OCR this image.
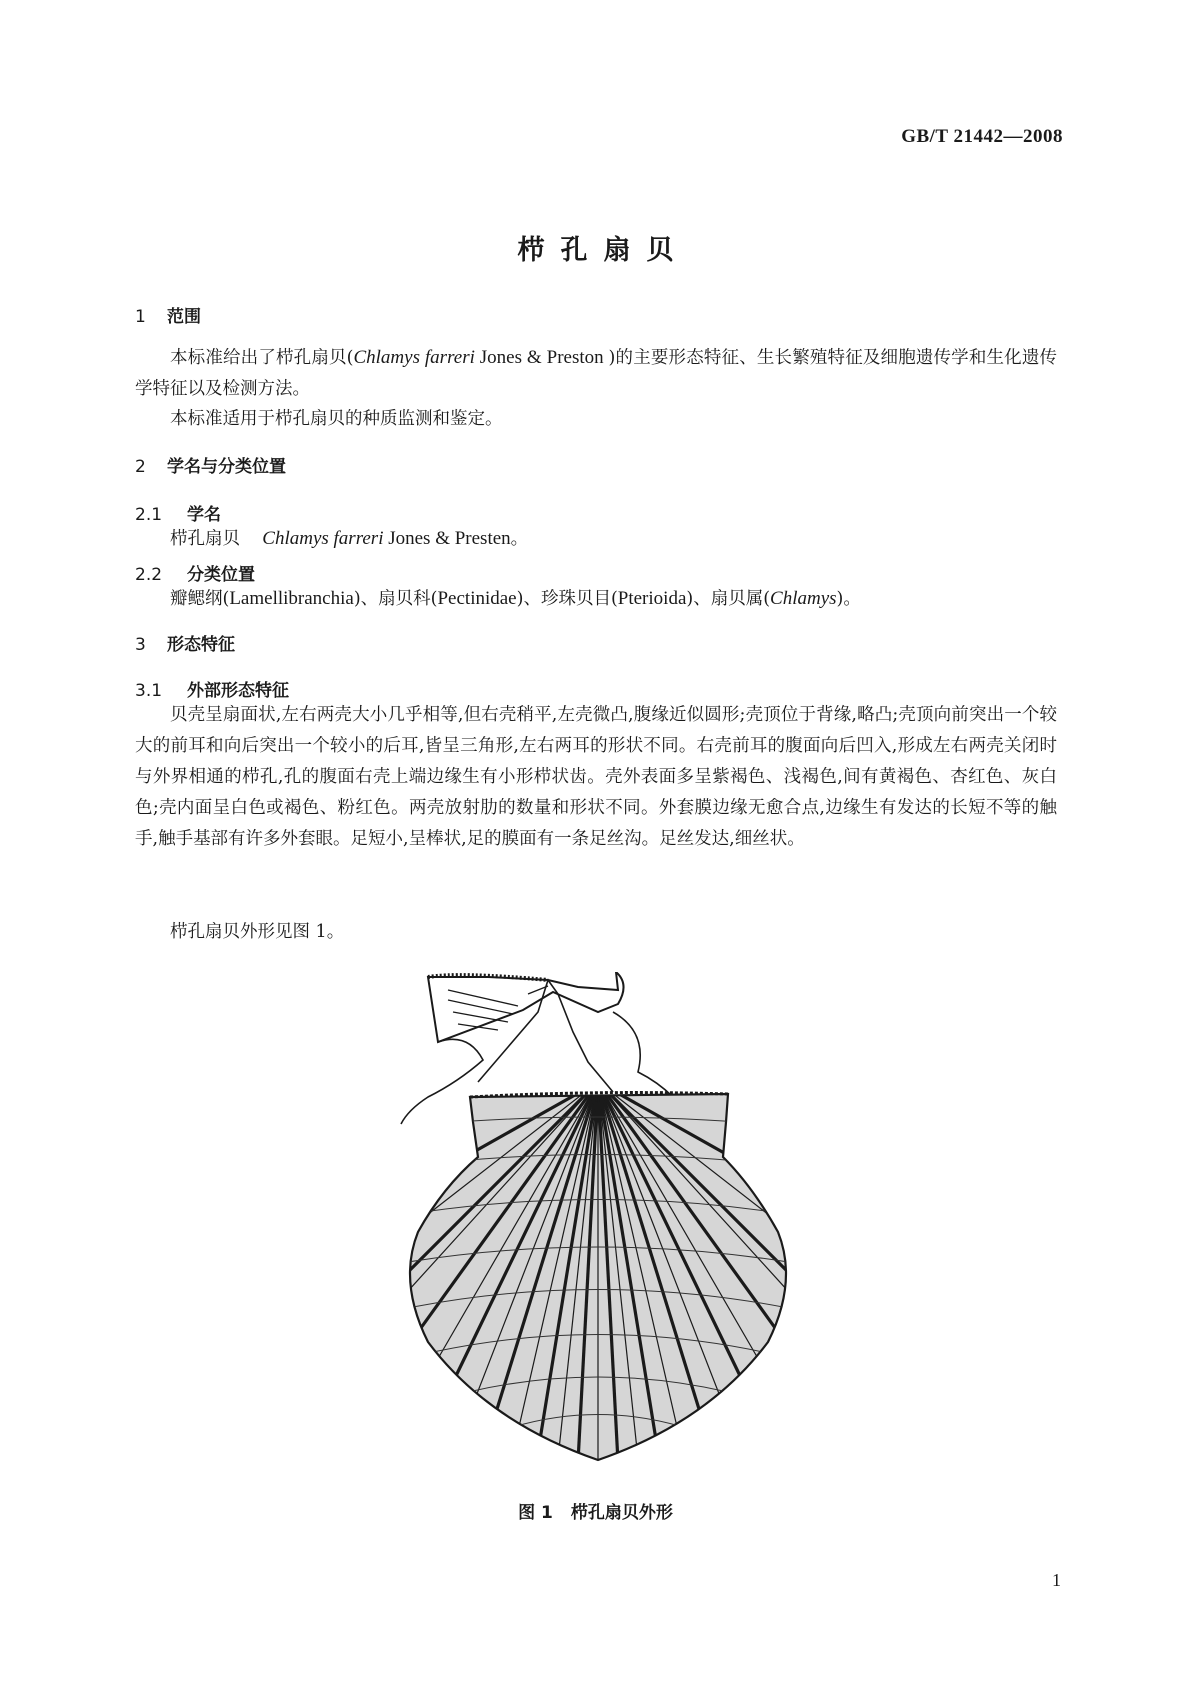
GB/T 21442—2008
栉孔扇贝
1 范围

本标准给出了栉孔扇贝(Chlamys farreri Jones & Preston )的主要形态特征、生长繁殖特征及细胞遗传学和生化遗传学特征以及检测方法。

本标准适用于栉孔扇贝的种质监测和鉴定。

2 学名与分类位置
2.1 学名

栉孔扇贝 Chlamys farreri Jones & Presten。

2.2 分类位置

瓣鳃纲(Lamellibranchia)、扇贝科(Pectinidae)、珍珠贝目(Pterioida)、扇贝属(Chlamys)。

3 形态特征
3.1 外部形态特征

贝壳呈扇面状,左右两壳大小几乎相等,但右壳稍平,左壳微凸,腹缘近似圆形;壳顶位于背缘,略凸;壳顶向前突出一个较大的前耳和向后突出一个较小的后耳,皆呈三角形,左右两耳的形状不同。右壳前耳的腹面向后凹入,形成左右两壳关闭时与外界相通的栉孔,孔的腹面右壳上端边缘生有小形栉状齿。壳外表面多呈紫褐色、浅褐色,间有黄褐色、杏红色、灰白色;壳内面呈白色或褐色、粉红色。两壳放射肋的数量和形状不同。外套膜边缘无愈合点,边缘生有发达的长短不等的触手,触手基部有许多外套眼。足短小,呈棒状,足的膜面有一条足丝沟。足丝发达,细丝状。

栉孔扇贝外形见图 1。

图 1 栉孔扇贝外形
1
